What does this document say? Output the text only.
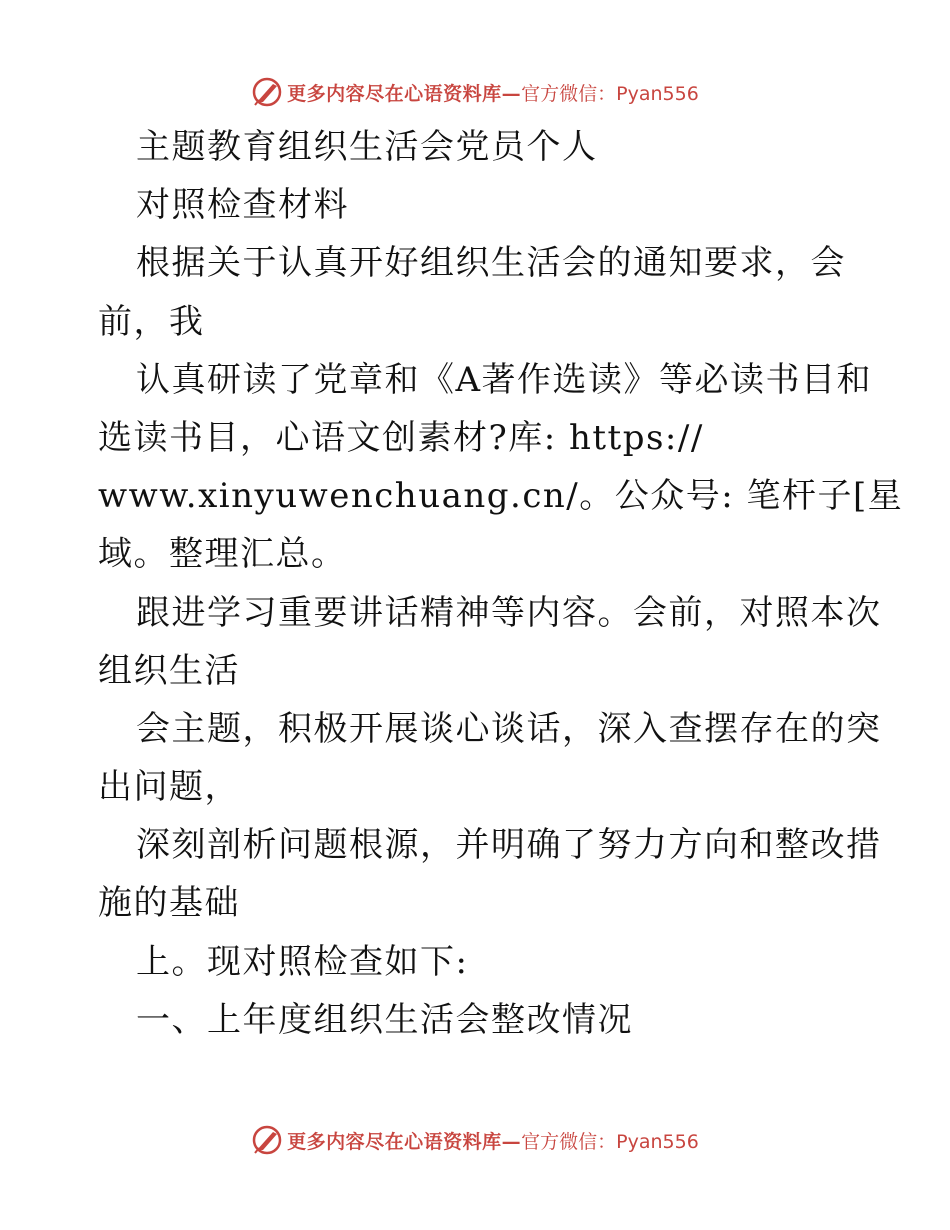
更多内容尽在心语资料库— 官方微信：Pyan556
主题教育组织生活会党员个人
对照检查材料
根据关于认真开好组织生活会的通知要求，会
前，我
认真研读了党章和《A著作选读》等必读书目和
选读书目，心语文创素材?库: https://
www.xinyuwenchuang.cn/。公众号: 笔杆子[星
域。整理汇总。
跟进学习重要讲话精神等内容。会前，对照本次
组织生活
会主题，积极开展谈心谈话，深入查摆存在的突
出问题，
深刻剖析问题根源，并明确了努力方向和整改措
施的基础
上。现对照检查如下:
一、上年度组织生活会整改情况
更多内容尽在心语资料库— 官方微信：Pyan556
